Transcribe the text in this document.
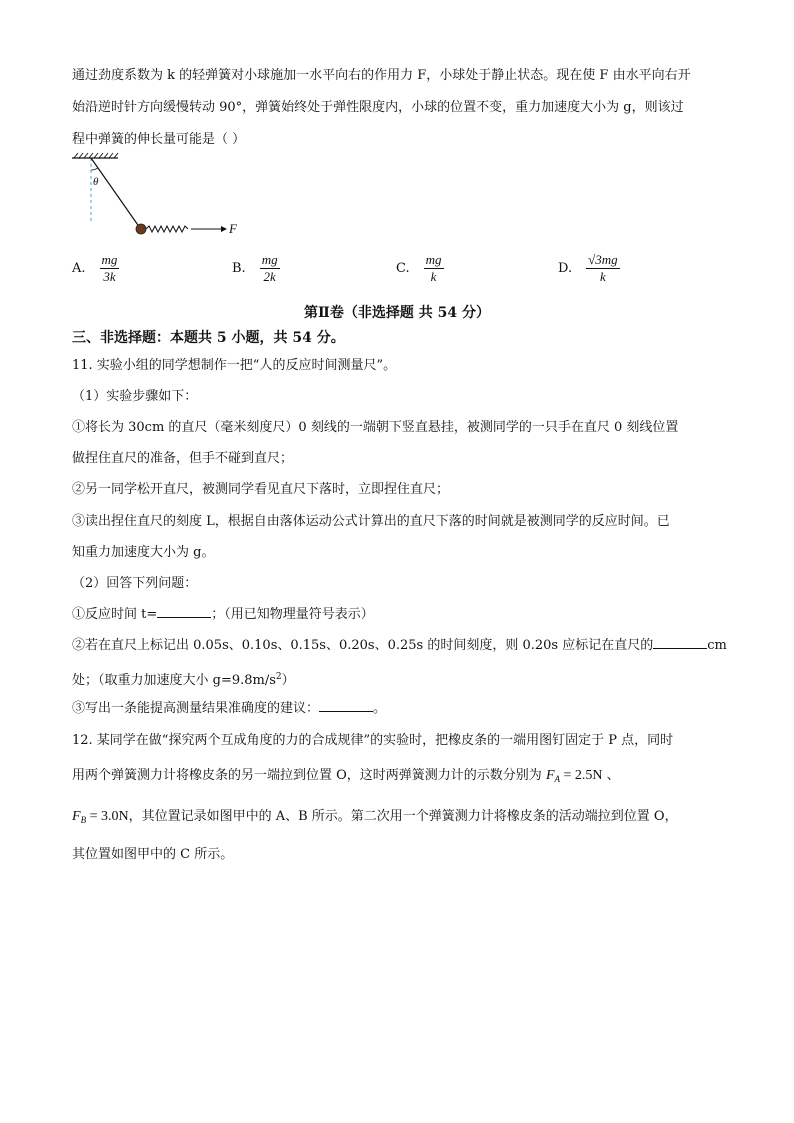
通过劲度系数为 k 的轻弹簧对小球施加一水平向右的作用力 F，小球处于静止状态。现在使 F 由水平向右开
始沿逆时针方向缓慢转动 90°，弹簧始终处于弹性限度内，小球的位置不变，重力加速度大小为 g，则该过
程中弹簧的伸长量可能是（ ）
θ
F
A. $\frac{mg}{3k}$	B. $\frac{mg}{2k}$	C. $\frac{mg}{k}$	D. $\frac{√3mg}{k}$
第Ⅱ卷（非选择题 共 54 分）
三、非选择题：本题共 5 小题，共 54 分。
11. 实验小组的同学想制作一把“人的反应时间测量尺”。
（1）实验步骤如下：
①将长为 30cm 的直尺（毫米刻度尺）0 刻线的一端朝下竖直悬挂，被测同学的一只手在直尺 0 刻线位置
做捏住直尺的准备，但手不碰到直尺；
②另一同学松开直尺，被测同学看见直尺下落时，立即捏住直尺；
③读出捏住直尺的刻度 L，根据自由落体运动公式计算出的直尺下落的时间就是被测同学的反应时间。已
知重力加速度大小为 g。
（2）回答下列问题：
①反应时间 t=	；（用已知物理量符号表示）
②若在直尺上标记出 0.05s、0.10s、0.15s、0.20s、0.25s 的时间刻度，则 0.20s 应标记在直尺的	cm
处；（取重力加速度大小 $g=9.8m/s^2$）
③写出一条能提高测量结果准确度的建议：	。
12. 某同学在做“探究两个互成角度的力的合成规律”的实验时，把橡皮条的一端用图钉固定于 P 点，同时
用两个弹簧测力计将橡皮条的另一端拉到位置 O，这时两弹簧测力计的示数分别为 $F_A = 2.5N$ 、
$F_B = 3.0N$，其位置记录如图甲中的 A、B 所示。第二次用一个弹簧测力计将橡皮条的活动端拉到位置 O，
其位置如图甲中的 C 所示。
